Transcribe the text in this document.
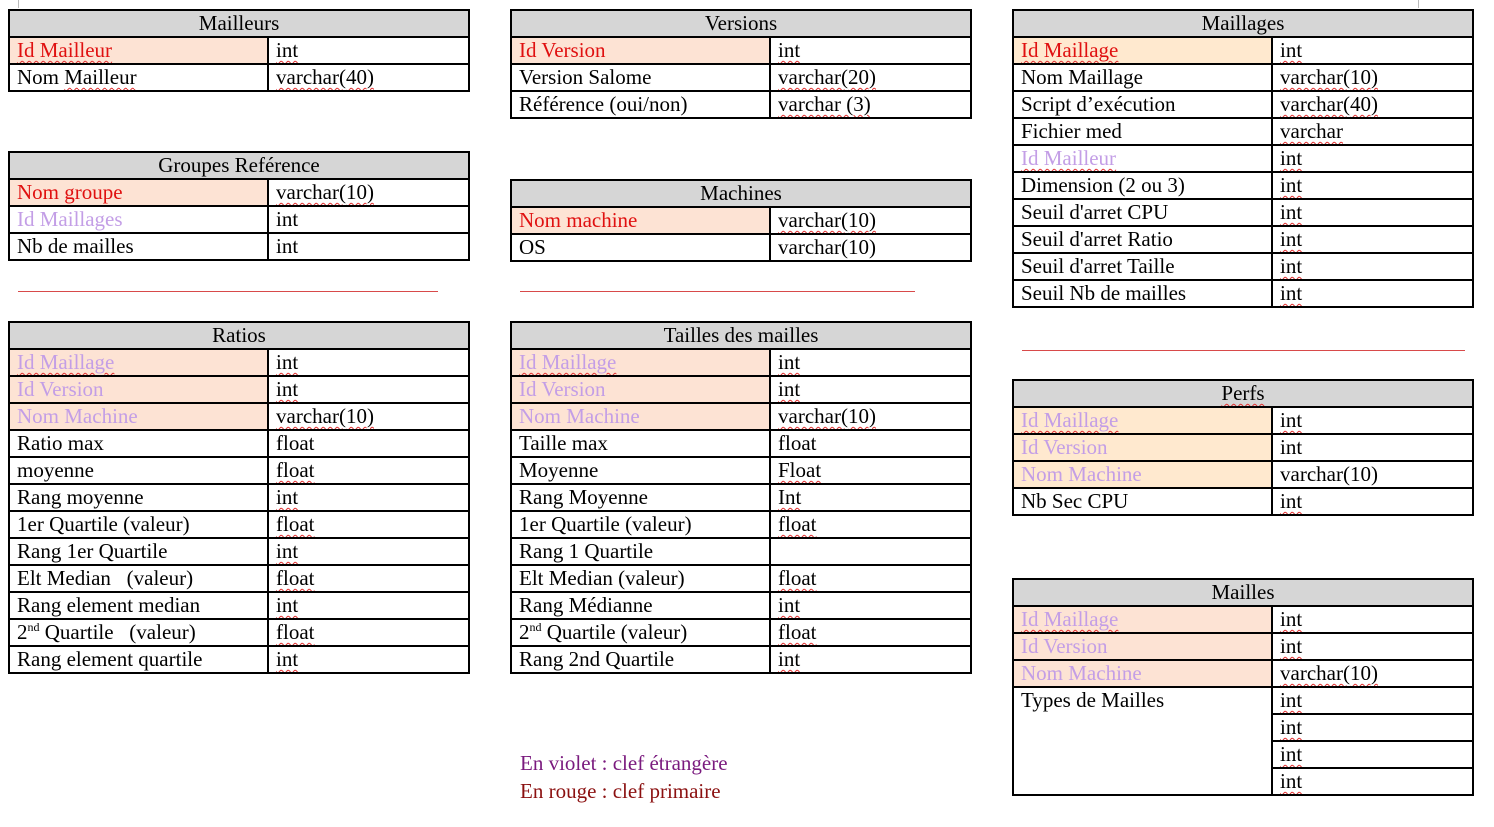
Mailleurs	
Id Mailleur	int
Nom Mailleur	varchar(40)
Groupes Reférence	
Nom groupe	varchar(10)
Id Maillages	int
Nb de mailles	int
Ratios	
Id Maillage	int
Id Version	int
Nom Machine	varchar(10)
Ratio max	float
moyenne	float
Rang moyenne	int
1er Quartile (valeur)	float
Rang 1er Quartile	int
Elt Median   (valeur)	float
Rang element median	int
2nd Quartile   (valeur)	float
Rang element quartile	int
Versions	
Id Version	int
Version Salome	varchar(20)
Référence (oui/non)	varchar (3)
Machines	
Nom machine	varchar(10)
OS	varchar(10)
Tailles des mailles	
Id Maillage	int
Id Version	int
Nom Machine	varchar(10)
Taille max	float
Moyenne	Float
Rang Moyenne	Int
1er Quartile (valeur)	float
Rang 1 Quartile	
Elt Median (valeur)	float
Rang Médianne	int
2nd Quartile (valeur)	float
Rang 2nd Quartile	int
En violet : clef étrangère
En rouge : clef primaire
Maillages	
Id Maillage	int
Nom Maillage	varchar(10)
Script d’exécution	varchar(40)
Fichier med	varchar
Id Mailleur	int
Dimension (2 ou 3)	int
Seuil d'arret CPU	int
Seuil d'arret Ratio	int
Seuil d'arret Taille	int
Seuil Nb de mailles	int
Perfs	
Id Maillage	int
Id Version	int
Nom Machine	varchar(10)
Nb Sec CPU	int
Mailles	
Id Maillage	int
Id Version	int
Nom Machine	varchar(10)
Types de Mailles	int
	int
	int
	int
